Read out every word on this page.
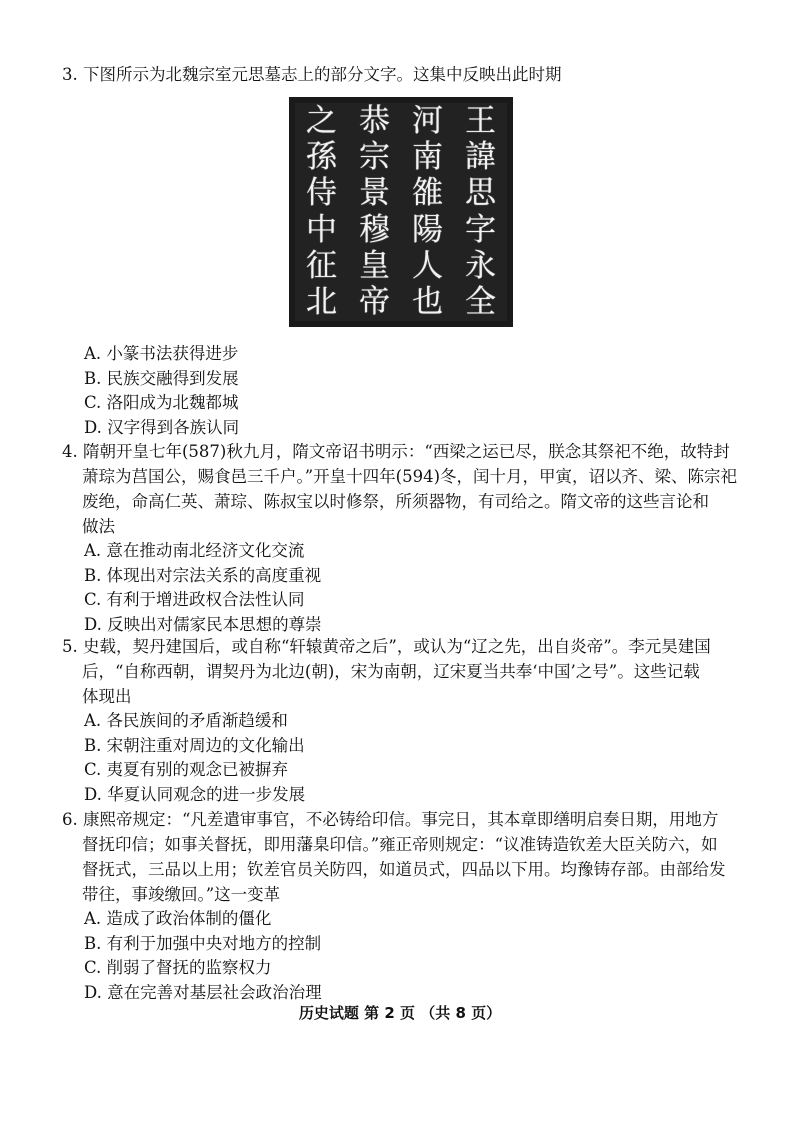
3. 下图所示为北魏宗室元思墓志上的部分文字。这集中反映出此时期
之 恭 河 王
孫 宗 南 諱
侍 景 雒 思
中 穆 陽 字
征 皇 人 永
北 帝 也 全
A. 小篆书法获得进步
B. 民族交融得到发展
C. 洛阳成为北魏都城
D. 汉字得到各族认同
4. 隋朝开皇七年(587)秋九月，隋文帝诏书明示：“西梁之运已尽，朕念其祭祀不绝，故特封
萧琮为莒国公，赐食邑三千户。”开皇十四年(594)冬，闰十月，甲寅，诏以齐、梁、陈宗祀
废绝，命高仁英、萧琮、陈叔宝以时修祭，所须器物，有司给之。隋文帝的这些言论和
做法
A. 意在推动南北经济文化交流
B. 体现出对宗法关系的高度重视
C. 有利于增进政权合法性认同
D. 反映出对儒家民本思想的尊崇
5. 史载，契丹建国后，或自称“轩辕黄帝之后”，或认为“辽之先，出自炎帝”。李元昊建国
后，“自称西朝，谓契丹为北边(朝)，宋为南朝，辽宋夏当共奉‘中国’之号”。这些记载
体现出
A. 各民族间的矛盾渐趋缓和
B. 宋朝注重对周边的文化输出
C. 夷夏有别的观念已被摒弃
D. 华夏认同观念的进一步发展
6. 康熙帝规定：“凡差遣审事官，不必铸给印信。事完日，其本章即缮明启奏日期，用地方
督抚印信；如事关督抚，即用藩臬印信。”雍正帝则规定：“议准铸造钦差大臣关防六，如
督抚式，三品以上用；钦差官员关防四，如道员式，四品以下用。均豫铸存部。由部给发
带往，事竣缴回。”这一变革
A. 造成了政治体制的僵化
B. 有利于加强中央对地方的控制
C. 削弱了督抚的监察权力
D. 意在完善对基层社会政治治理
历史试题 第 2 页 （共 8 页）
